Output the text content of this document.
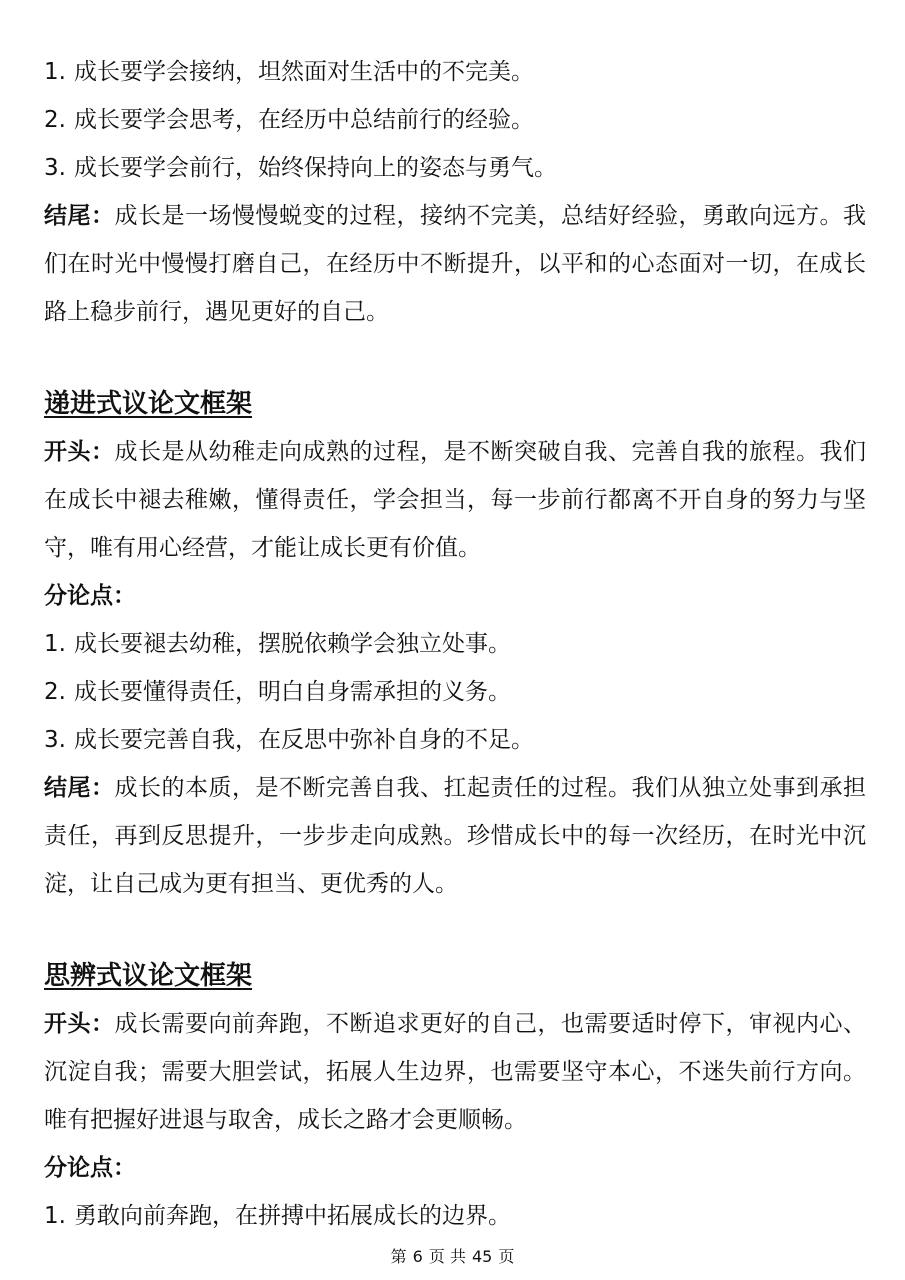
1. 成长要学会接纳，坦然面对生活中的不完美。

2. 成长要学会思考，在经历中总结前行的经验。

3. 成长要学会前行，始终保持向上的姿态与勇气。

结尾：成长是一场慢慢蜕变的过程，接纳不完美，总结好经验，勇敢向远方。我们在时光中慢慢打磨自己，在经历中不断提升，以平和的心态面对一切，在成长路上稳步前行，遇见更好的自己。

递进式议论文框架

开头：成长是从幼稚走向成熟的过程，是不断突破自我、完善自我的旅程。我们在成长中褪去稚嫩，懂得责任，学会担当，每一步前行都离不开自身的努力与坚守，唯有用心经营，才能让成长更有价值。

分论点：

1. 成长要褪去幼稚，摆脱依赖学会独立处事。

2. 成长要懂得责任，明白自身需承担的义务。

3. 成长要完善自我，在反思中弥补自身的不足。

结尾：成长的本质，是不断完善自我、扛起责任的过程。我们从独立处事到承担责任，再到反思提升，一步步走向成熟。珍惜成长中的每一次经历，在时光中沉淀，让自己成为更有担当、更优秀的人。

思辨式议论文框架

开头：成长需要向前奔跑，不断追求更好的自己，也需要适时停下，审视内心、沉淀自我；需要大胆尝试，拓展人生边界，也需要坚守本心，不迷失前行方向。唯有把握好进退与取舍，成长之路才会更顺畅。

分论点：

1. 勇敢向前奔跑，在拼搏中拓展成长的边界。

第 6 页 共 45 页
